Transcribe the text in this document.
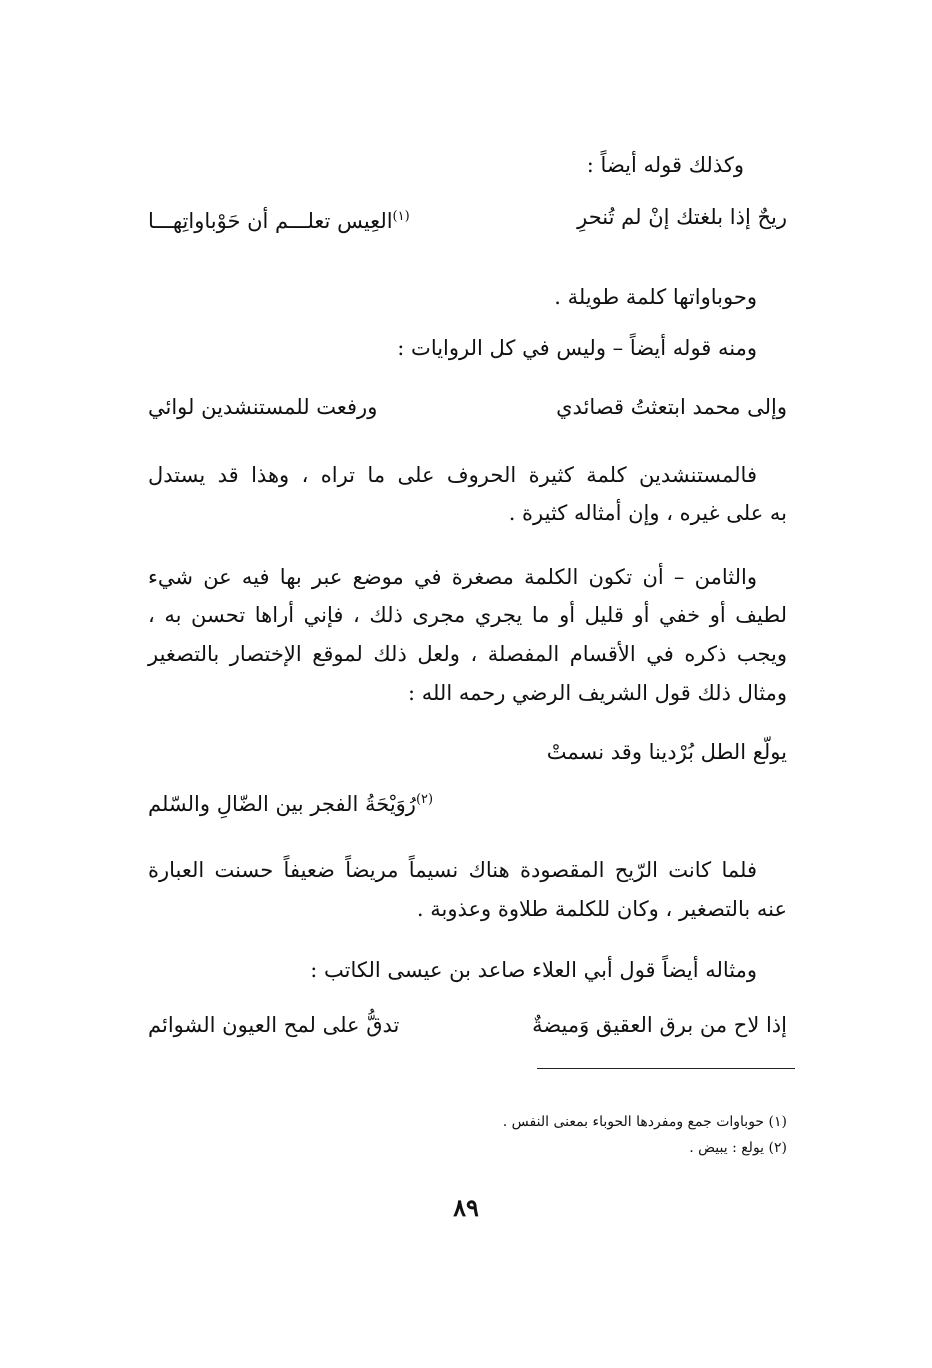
وكذلك قوله أيضاً :
ريحٌ إذا بلغتك إنْ لم تُنحرِ
$^{(١)}$العِيس تعلـــم أن حَوْباواتِهـــا
وحوباواتها كلمة طويلة .
ومنه قوله أيضاً – وليس في كل الروايات :
وإلى محمد ابتعثتُ قصائدي
ورفعت للمستنشدين لوائي
فالمستنشدين كلمة كثيرة الحروف على ما تراه ، وهذا قد يستدل
به على غيره ، وإن أمثاله كثيرة .
والثامن – أن تكون الكلمة مصغرة في موضع عبر بها فيه عن شيء
لطيف أو خفي أو قليل أو ما يجري مجرى ذلك ، فإني أراها تحسن به ،
ويجب ذكره في الأقسام المفصلة ، ولعل ذلك لموقع الإختصار بالتصغير
ومثال ذلك قول الشريف الرضي رحمه الله :
يولّع الطل بُرْدينا وقد نسمتْ
$^{(٢)}$رُوَيْحَةُ الفجر بين الضّالِ والسّلم
فلما كانت الرّيح المقصودة هناك نسيماً مريضاً ضعيفاً حسنت العبارة
عنه بالتصغير ، وكان للكلمة طلاوة وعذوبة .
ومثاله أيضاً قول أبي العلاء صاعد بن عيسى الكاتب :
إذا لاح من برق العقيق وَميضةٌ
تدقُّ على لمح العيون الشوائم
(١) حوباوات جمع ومفردها الحوباء بمعنى النفس .
(٢) يولع : يبيض .
٨٩
